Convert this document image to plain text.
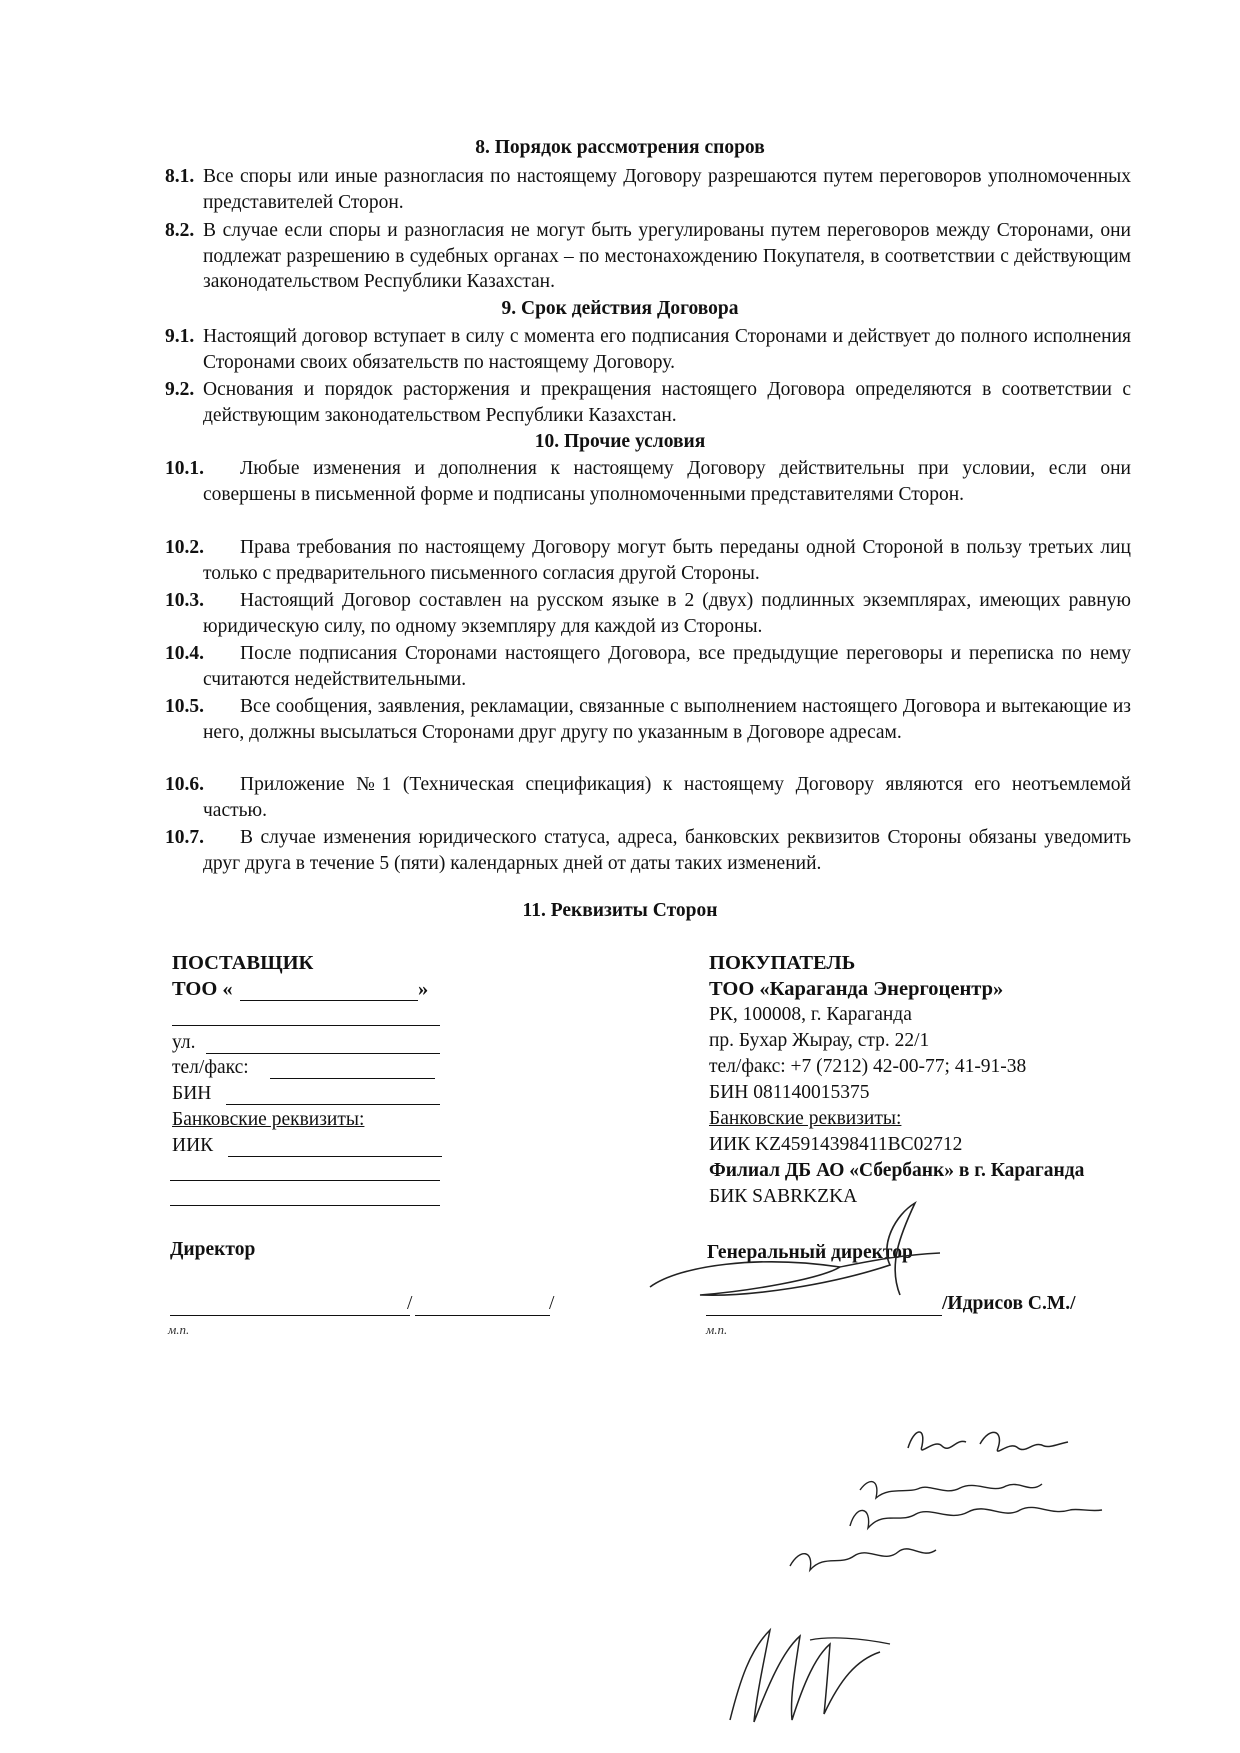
8. Порядок рассмотрения споров
8.1. Все споры или иные разногласия по настоящему Договору разрешаются путем переговоров уполномоченных представителей Сторон.
8.2. В случае если споры и разногласия не могут быть урегулированы путем переговоров между Сторонами, они подлежат разрешению в судебных органах – по местонахождению Покупателя, в соответствии с действующим законодательством Республики Казахстан.
9. Срок действия Договора
9.1. Настоящий договор вступает в силу с момента его подписания Сторонами и действует до полного исполнения Сторонами своих обязательств по настоящему Договору.
9.2. Основания и порядок расторжения и прекращения настоящего Договора определяются в соответствии с действующим законодательством Республики Казахстан.
10. Прочие условия
10.1.	Любые изменения и дополнения к настоящему Договору действительны при условии, если они совершены в письменной форме и подписаны уполномоченными представителями Сторон.
10.2.	Права требования по настоящему Договору могут быть переданы одной Стороной в пользу третьих лиц только с предварительного письменного согласия другой Стороны.
10.3.	Настоящий Договор составлен на русском языке в 2 (двух) подлинных экземплярах, имеющих равную юридическую силу, по одному экземпляру для каждой из Стороны.
10.4.	После подписания Сторонами настоящего Договора, все предыдущие переговоры и переписка по нему считаются недействительными.
10.5.	Все сообщения, заявления, рекламации, связанные с выполнением настоящего Договора и вытекающие из него, должны высылаться Сторонами друг другу по указанным в Договоре адресам.
10.6.	Приложение №1 (Техническая спецификация) к настоящему Договору являются его неотъемлемой частью.
10.7.	В случае изменения юридического статуса, адреса, банковских реквизитов Стороны обязаны уведомить друг друга в течение 5 (пяти) календарных дней от даты таких изменений.
11. Реквизиты Сторон
ПОСТАВЩИК
ТОО «	»
ул.
тел/факс:
БИН
Банковские реквизиты:
ИИК
Директор
/	/
м.п.
ПОКУПАТЕЛЬ
ТОО «Караганда Энергоцентр»
РК, 100008, г. Караганда
пр. Бухар Жырау, стр. 22/1
тел/факс: +7 (7212) 42-00-77; 41-91-38
БИН 081140015375
Банковские реквизиты:
ИИК KZ4591439841​1BC02712
Филиал ДБ АО «Сбербанк» в г. Караганда
БИК SABRKZKA
Генеральный директор
/Идрисов С.М./
м.п.
